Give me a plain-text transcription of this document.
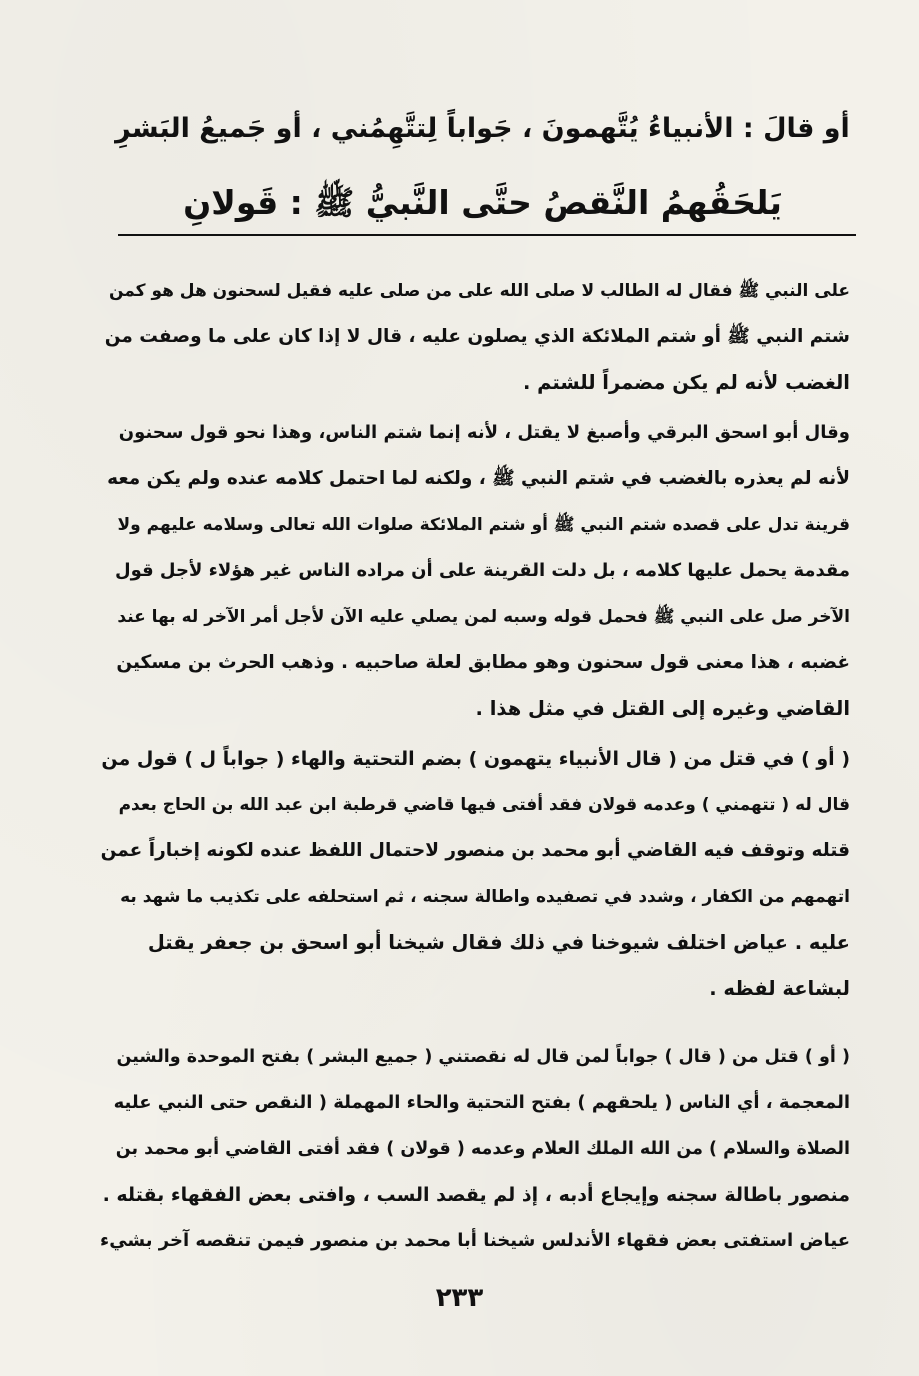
أو قالَ : الأنبياءُ يُتَّهمونَ ، جَواباً لِتتَّهِمُني ، أو جَميعُ البَشرِ
يَلحَقُهمُ النَّقصُ حتَّى النَّبيُّ ﷺ : قَولانِ
على النبي ﷺ فقال له الطالب لا صلى الله على من صلى عليه فقيل لسحنون هل هو كمن
شتم النبي ﷺ أو شتم الملائكة الذي يصلون عليه ، قال لا إذا كان على ما وصفت من
الغضب لأنه لم يكن مضمراً للشتم .
وقال أبو اسحق البرقي وأصبغ لا يقتل ، لأنه إنما شتم الناس، وهذا نحو قول سحنون
لأنه لم يعذره بالغضب في شتم النبي ﷺ ، ولكنه لما احتمل كلامه عنده ولم يكن معه
قرينة تدل على قصده شتم النبي ﷺ أو شتم الملائكة صلوات الله تعالى وسلامه عليهم ولا
مقدمة يحمل عليها كلامه ، بل دلت القرينة على أن مراده الناس غير هؤلاء لأجل قول
الآخر صل على النبي ﷺ فحمل قوله وسبه لمن يصلي عليه الآن لأجل أمر الآخر له بها عند
غضبه ، هذا معنى قول سحنون وهو مطابق لعلة صاحبيه . وذهب الحرث بن مسكين
القاضي وغيره إلى القتل في مثل هذا .
( أو ) في قتل من ( قال الأنبياء يتهمون ) بضم التحتية والهاء ( جواباً ل ) قول من
قال له ( تتهمني ) وعدمه قولان فقد أفتى فيها قاضي قرطبة ابن عبد الله بن الحاج بعدم
قتله وتوقف فيه القاضي أبو محمد بن منصور لاحتمال اللفظ عنده لكونه إخباراً عمن
اتهمهم من الكفار ، وشدد في تصفيده واطالة سجنه ، ثم استحلفه على تكذيب ما شهد به
عليه . عياض اختلف شيوخنا في ذلك فقال شيخنا أبو اسحق بن جعفر يقتل
لبشاعة لفظه .
( أو ) قتل من ( قال ) جواباً لمن قال له نقصتني ( جميع البشر ) بفتح الموحدة والشين
المعجمة ، أي الناس ( يلحقهم ) بفتح التحتية والحاء المهملة ( النقص حتى النبي عليه
الصلاة والسلام ) من الله الملك العلام وعدمه ( قولان ) فقد أفتى القاضي أبو محمد بن
منصور باطالة سجنه وإيجاع أدبه ، إذ لم يقصد السب ، وافتى بعض الفقهاء بقتله .
عياض استفتى بعض فقهاء الأندلس شيخنا أبا محمد بن منصور فيمن تنقصه آخر بشيء
٢٣٣
